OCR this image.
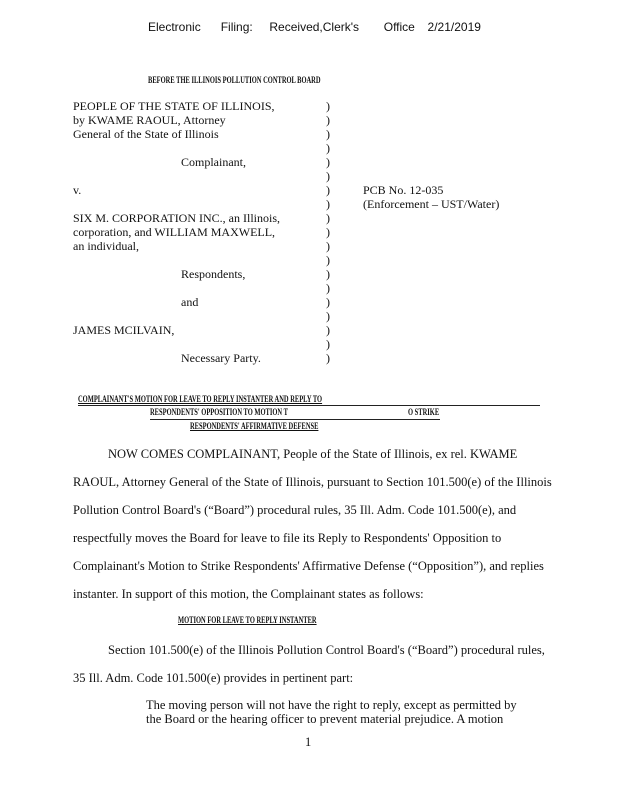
Electronic      Filing: Received,Clerk's Office 2/21/2019
BEFORE THE ILLINOIS POLLUTION CONTROL BOARD
PEOPLE OF THE STATE OF ILLINOIS,
by KWAME RAOUL, Attorney
General of the State of Illinois
Complainant,
v.
SIX M. CORPORATION INC., an Illinois,
corporation, and WILLIAM MAXWELL,
an individual,
Respondents,
and
JAMES MCILVAIN,
Necessary Party.
)
)
)
)
)
)
)
)
)
)
)
)
)
)
)
)
)
)
)
PCB No. 12-035
(Enforcement – UST/Water)
COMPLAINANT'S MOTION FOR LEAVE TO REPLY INSTANTER AND REPLY TO
RESPONDENTS' OPPOSITION TO MOTION T	O STRIKE
RESPONDENTS' AFFIRMATIVE DEFENSE
NOW COMES COMPLAINANT, People of the State of Illinois, ex rel. KWAME
RAOUL, Attorney General of the State of Illinois, pursuant to Section 101.500(e) of the Illinois
Pollution Control Board's (“Board”) procedural rules, 35 Ill. Adm. Code 101.500(e), and
respectfully moves the Board for leave to file its Reply to Respondents' Opposition to
Complainant's Motion to Strike Respondents' Affirmative Defense (“Opposition”), and replies
instanter. In support of this motion, the Complainant states as follows:
MOTION FOR LEAVE TO REPLY INSTANTER
Section 101.500(e) of the Illinois Pollution Control Board's (“Board”) procedural rules,
35 Ill. Adm. Code 101.500(e) provides in pertinent part:
The moving person will not have the right to reply, except as permitted by
the Board or the hearing officer to prevent material prejudice. A motion
1
